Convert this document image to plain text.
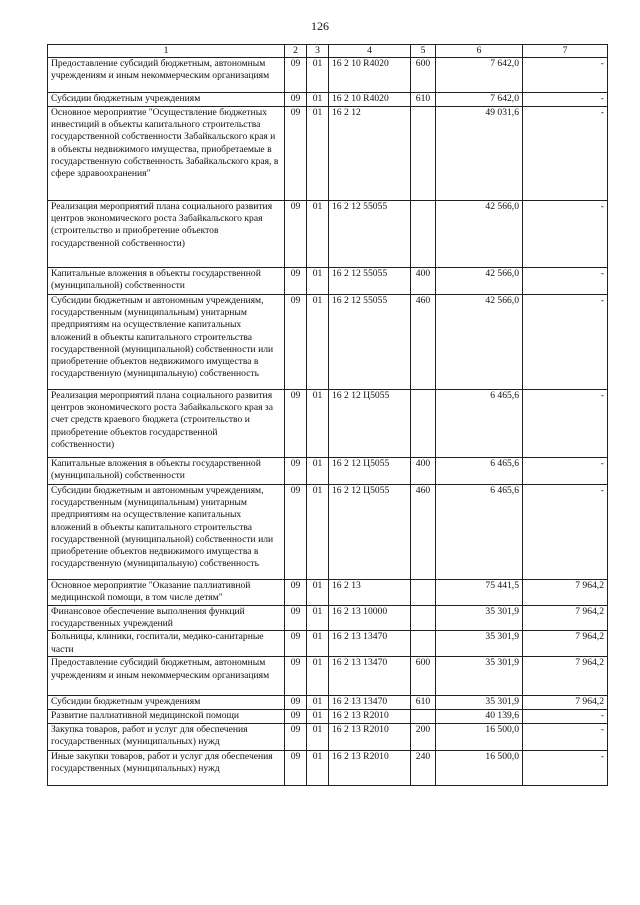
126
1	2	3	4	5	6	7
Предоставление субсидий бюджетным, автономным учреждениям и иным некоммерческим организациям	09	01	16 2 10 R4020	600	7 642,0	-
Субсидии бюджетным учреждениям	09	01	16 2 10 R4020	610	7 642,0	-
Основное мероприятие "Осуществление бюджетных инвестиций в объекты капитального строительства государственной собственности Забайкальского края и в объекты недвижимого имущества, приобретаемые в государственную собственность Забайкальского края, в сфере здравоохранения"	09	01	16 2 12		49 031,6	-
Реализация мероприятий плана социального развития центров экономического роста Забайкальского края (строительство и приобретение объектов государственной собственности)	09	01	16 2 12 55055		42 566,0	-
Капитальные вложения в объекты государственной (муниципальной) собственности	09	01	16 2 12 55055	400	42 566,0	-
Субсидии бюджетным и автономным учреждениям, государственным (муниципальным) унитарным предприятиям на осуществление капитальных вложений в объекты капитального строительства государственной (муниципальной) собственности или приобретение объектов недвижимого имущества в государственную (муниципальную) собственность	09	01	16 2 12 55055	460	42 566,0	-
Реализация мероприятий плана социального развития центров экономического роста Забайкальского края за счет средств краевого бюджета (строительство и приобретение объектов государственной собственности)	09	01	16 2 12 Ц5055		6 465,6	-
Капитальные вложения в объекты государственной (муниципальной) собственности	09	01	16 2 12 Ц5055	400	6 465,6	-
Субсидии бюджетным и автономным учреждениям, государственным (муниципальным) унитарным предприятиям на осуществление капитальных вложений в объекты капитального строительства государственной (муниципальной) собственности или приобретение объектов недвижимого имущества в государственную (муниципальную) собственность	09	01	16 2 12 Ц5055	460	6 465,6	-
Основное мероприятие "Оказание паллиативной медицинской помощи, в том числе детям"	09	01	16 2 13		75 441,5	7 964,2
Финансовое обеспечение выполнения функций государственных учреждений	09	01	16 2 13 10000		35 301,9	7 964,2
Больницы, клиники, госпитали, медико-санитарные части	09	01	16 2 13 13470		35 301,9	7 964,2
Предоставление субсидий бюджетным, автономным учреждениям и иным некоммерческим организациям	09	01	16 2 13 13470	600	35 301,9	7 964,2
Субсидии бюджетным учреждениям	09	01	16 2 13 13470	610	35 301,9	7 964,2
Развитие паллиативной медицинской помощи	09	01	16 2 13 R2010		40 139,6	-
Закупка товаров, работ и услуг для обеспечения государственных (муниципальных) нужд	09	01	16 2 13 R2010	200	16 500,0	-
Иные закупки товаров, работ и услуг для обеспечения государственных (муниципальных) нужд	09	01	16 2 13 R2010	240	16 500,0	-
